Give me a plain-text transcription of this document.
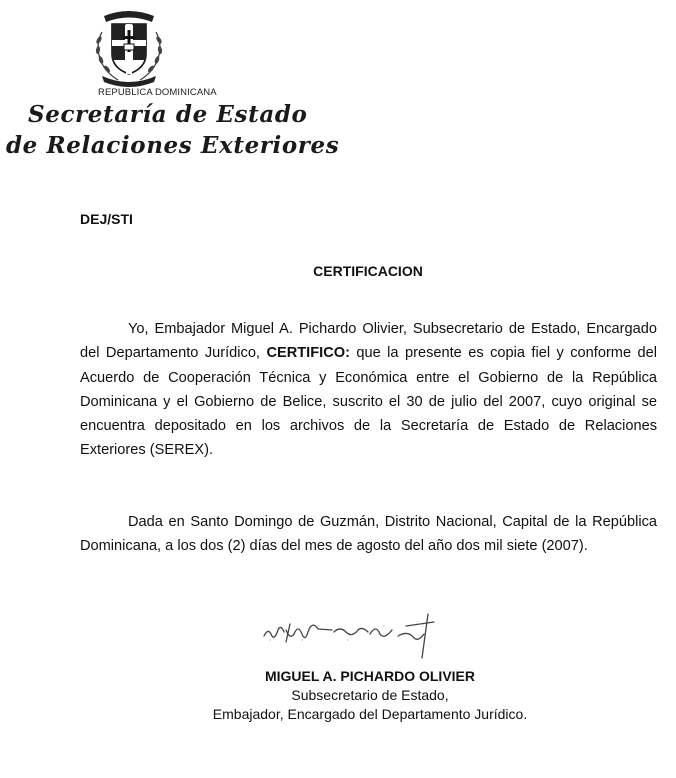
REPUBLICA DOMINICANA
Secretaría de Estado
de Relaciones Exteriores
DEJ/STI
CERTIFICACION

Yo, Embajador Miguel A. Pichardo Olivier, Subsecretario de Estado, Encargado del Departamento Jurídico, CERTIFICO: que la presente es copia fiel y conforme del Acuerdo de Cooperación Técnica y Económica entre el Gobierno de la República Dominicana y el Gobierno de Belice, suscrito el 30 de julio del 2007, cuyo original se encuentra depositado en los archivos de la Secretaría de Estado de Relaciones Exteriores (SEREX).

Dada en Santo Domingo de Guzmán, Distrito Nacional, Capital de la República Dominicana, a los dos (2) días del mes de agosto del año dos mil siete (2007).

MIGUEL A. PICHARDO OLIVIER
Subsecretario de Estado,
Embajador, Encargado del Departamento Jurídico.
